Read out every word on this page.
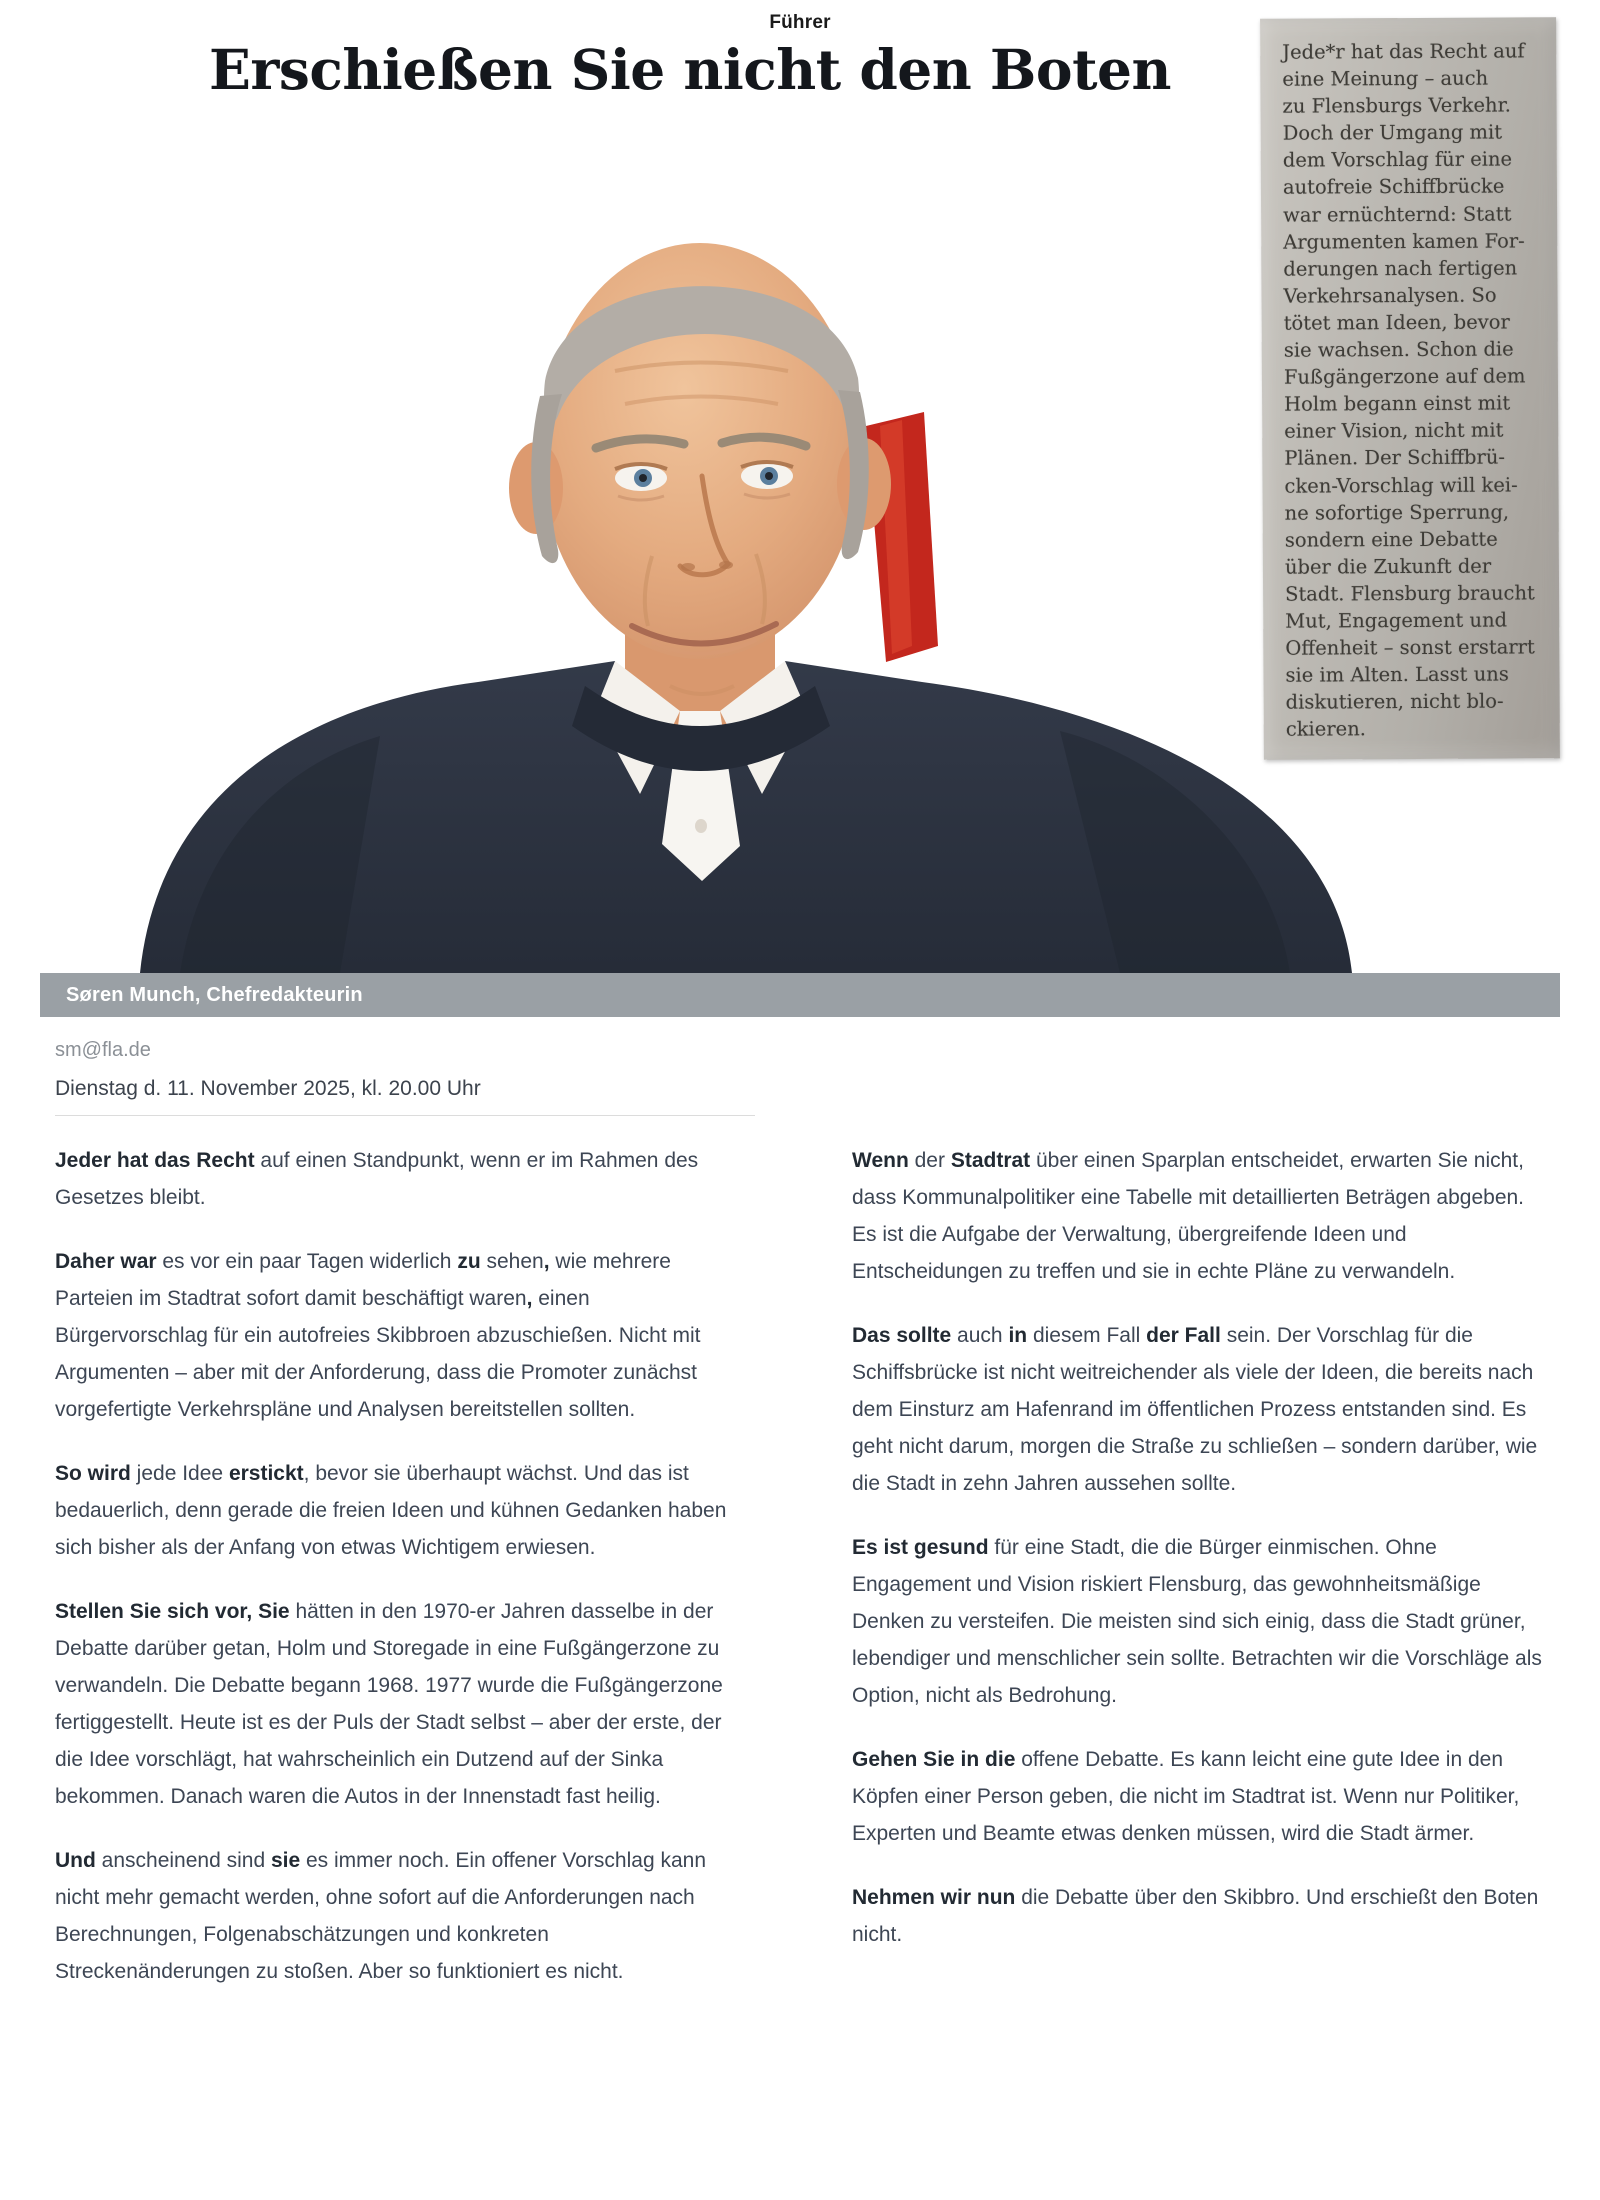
Führer
Erschießen Sie nicht den Boten	Jede*r hat das Recht auf
eine Meinung – auch
zu Flensburgs Verkehr.
Doch der Umgang mit
dem Vorschlag für eine
autofreie Schiffbrücke
war ernüchternd: Statt
Argumenten kamen For-
derungen nach fertigen
Verkehrsanalysen. So
tötet man Ideen, bevor
sie wachsen. Schon die
Fußgängerzone auf dem
Holm begann einst mit
einer Vision, nicht mit
Plänen. Der Schiffbrü-
cken-Vorschlag will kei-
ne sofortige Sperrung,
sondern eine Debatte
über die Zukunft der
Stadt. Flensburg braucht
Mut, Engagement und
Offenheit – sonst erstarrt
sie im Alten. Lasst uns
diskutieren, nicht blo-
ckieren.
Søren Munch, Chefredakteurin
sm@fla.de
Dienstag d. 11. November 2025, kl. 20.00 Uhr

Jeder hat das Recht auf einen Standpunkt, wenn er im Rahmen des Gesetzes bleibt.

Daher war es vor ein paar Tagen widerlich zu sehen, wie mehrere Parteien im Stadtrat sofort damit beschäftigt waren, einen Bürgervorschlag für ein autofreies Skibbroen abzuschießen. Nicht mit Argumenten – aber mit der Anforderung, dass die Promoter zunächst vorgefertigte Verkehrspläne und Analysen bereitstellen sollten.

So wird jede Idee erstickt, bevor sie überhaupt wächst. Und das ist bedauerlich, denn gerade die freien Ideen und kühnen Gedanken haben sich bisher als der Anfang von etwas Wichtigem erwiesen.

Stellen Sie sich vor, Sie hätten in den 1970-er Jahren dasselbe in der Debatte darüber getan, Holm und Storegade in eine Fußgängerzone zu verwandeln. Die Debatte begann 1968. 1977 wurde die Fußgängerzone fertiggestellt. Heute ist es der Puls der Stadt selbst – aber der erste, der die Idee vorschlägt, hat wahrscheinlich ein Dutzend auf der Sinka bekommen. Danach waren die Autos in der Innenstadt fast heilig.

Und anscheinend sind sie es immer noch. Ein offener Vorschlag kann nicht mehr gemacht werden, ohne sofort auf die Anforderungen nach Berechnungen, Folgenabschätzungen und konkreten Streckenänderungen zu stoßen. Aber so funktioniert es nicht.

Wenn der Stadtrat über einen Sparplan entscheidet, erwarten Sie nicht, dass Kommunalpolitiker eine Tabelle mit detaillierten Beträgen abgeben. Es ist die Aufgabe der Verwaltung, übergreifende Ideen und Entscheidungen zu treffen und sie in echte Pläne zu verwandeln.

Das sollte auch in diesem Fall der Fall sein. Der Vorschlag für die Schiffsbrücke ist nicht weitreichender als viele der Ideen, die bereits nach dem Einsturz am Hafenrand im öffentlichen Prozess entstanden sind. Es geht nicht darum, morgen die Straße zu schließen – sondern darüber, wie die Stadt in zehn Jahren aussehen sollte.

Es ist gesund für eine Stadt, die die Bürger einmischen. Ohne Engagement und Vision riskiert Flensburg, das gewohnheitsmäßige Denken zu versteifen. Die meisten sind sich einig, dass die Stadt grüner, lebendiger und menschlicher sein sollte. Betrachten wir die Vorschläge als Option, nicht als Bedrohung.

Gehen Sie in die offene Debatte. Es kann leicht eine gute Idee in den Köpfen einer Person geben, die nicht im Stadtrat ist. Wenn nur Politiker, Experten und Beamte etwas denken müssen, wird die Stadt ärmer.

Nehmen wir nun die Debatte über den Skibbro. Und erschießt den Boten nicht.
